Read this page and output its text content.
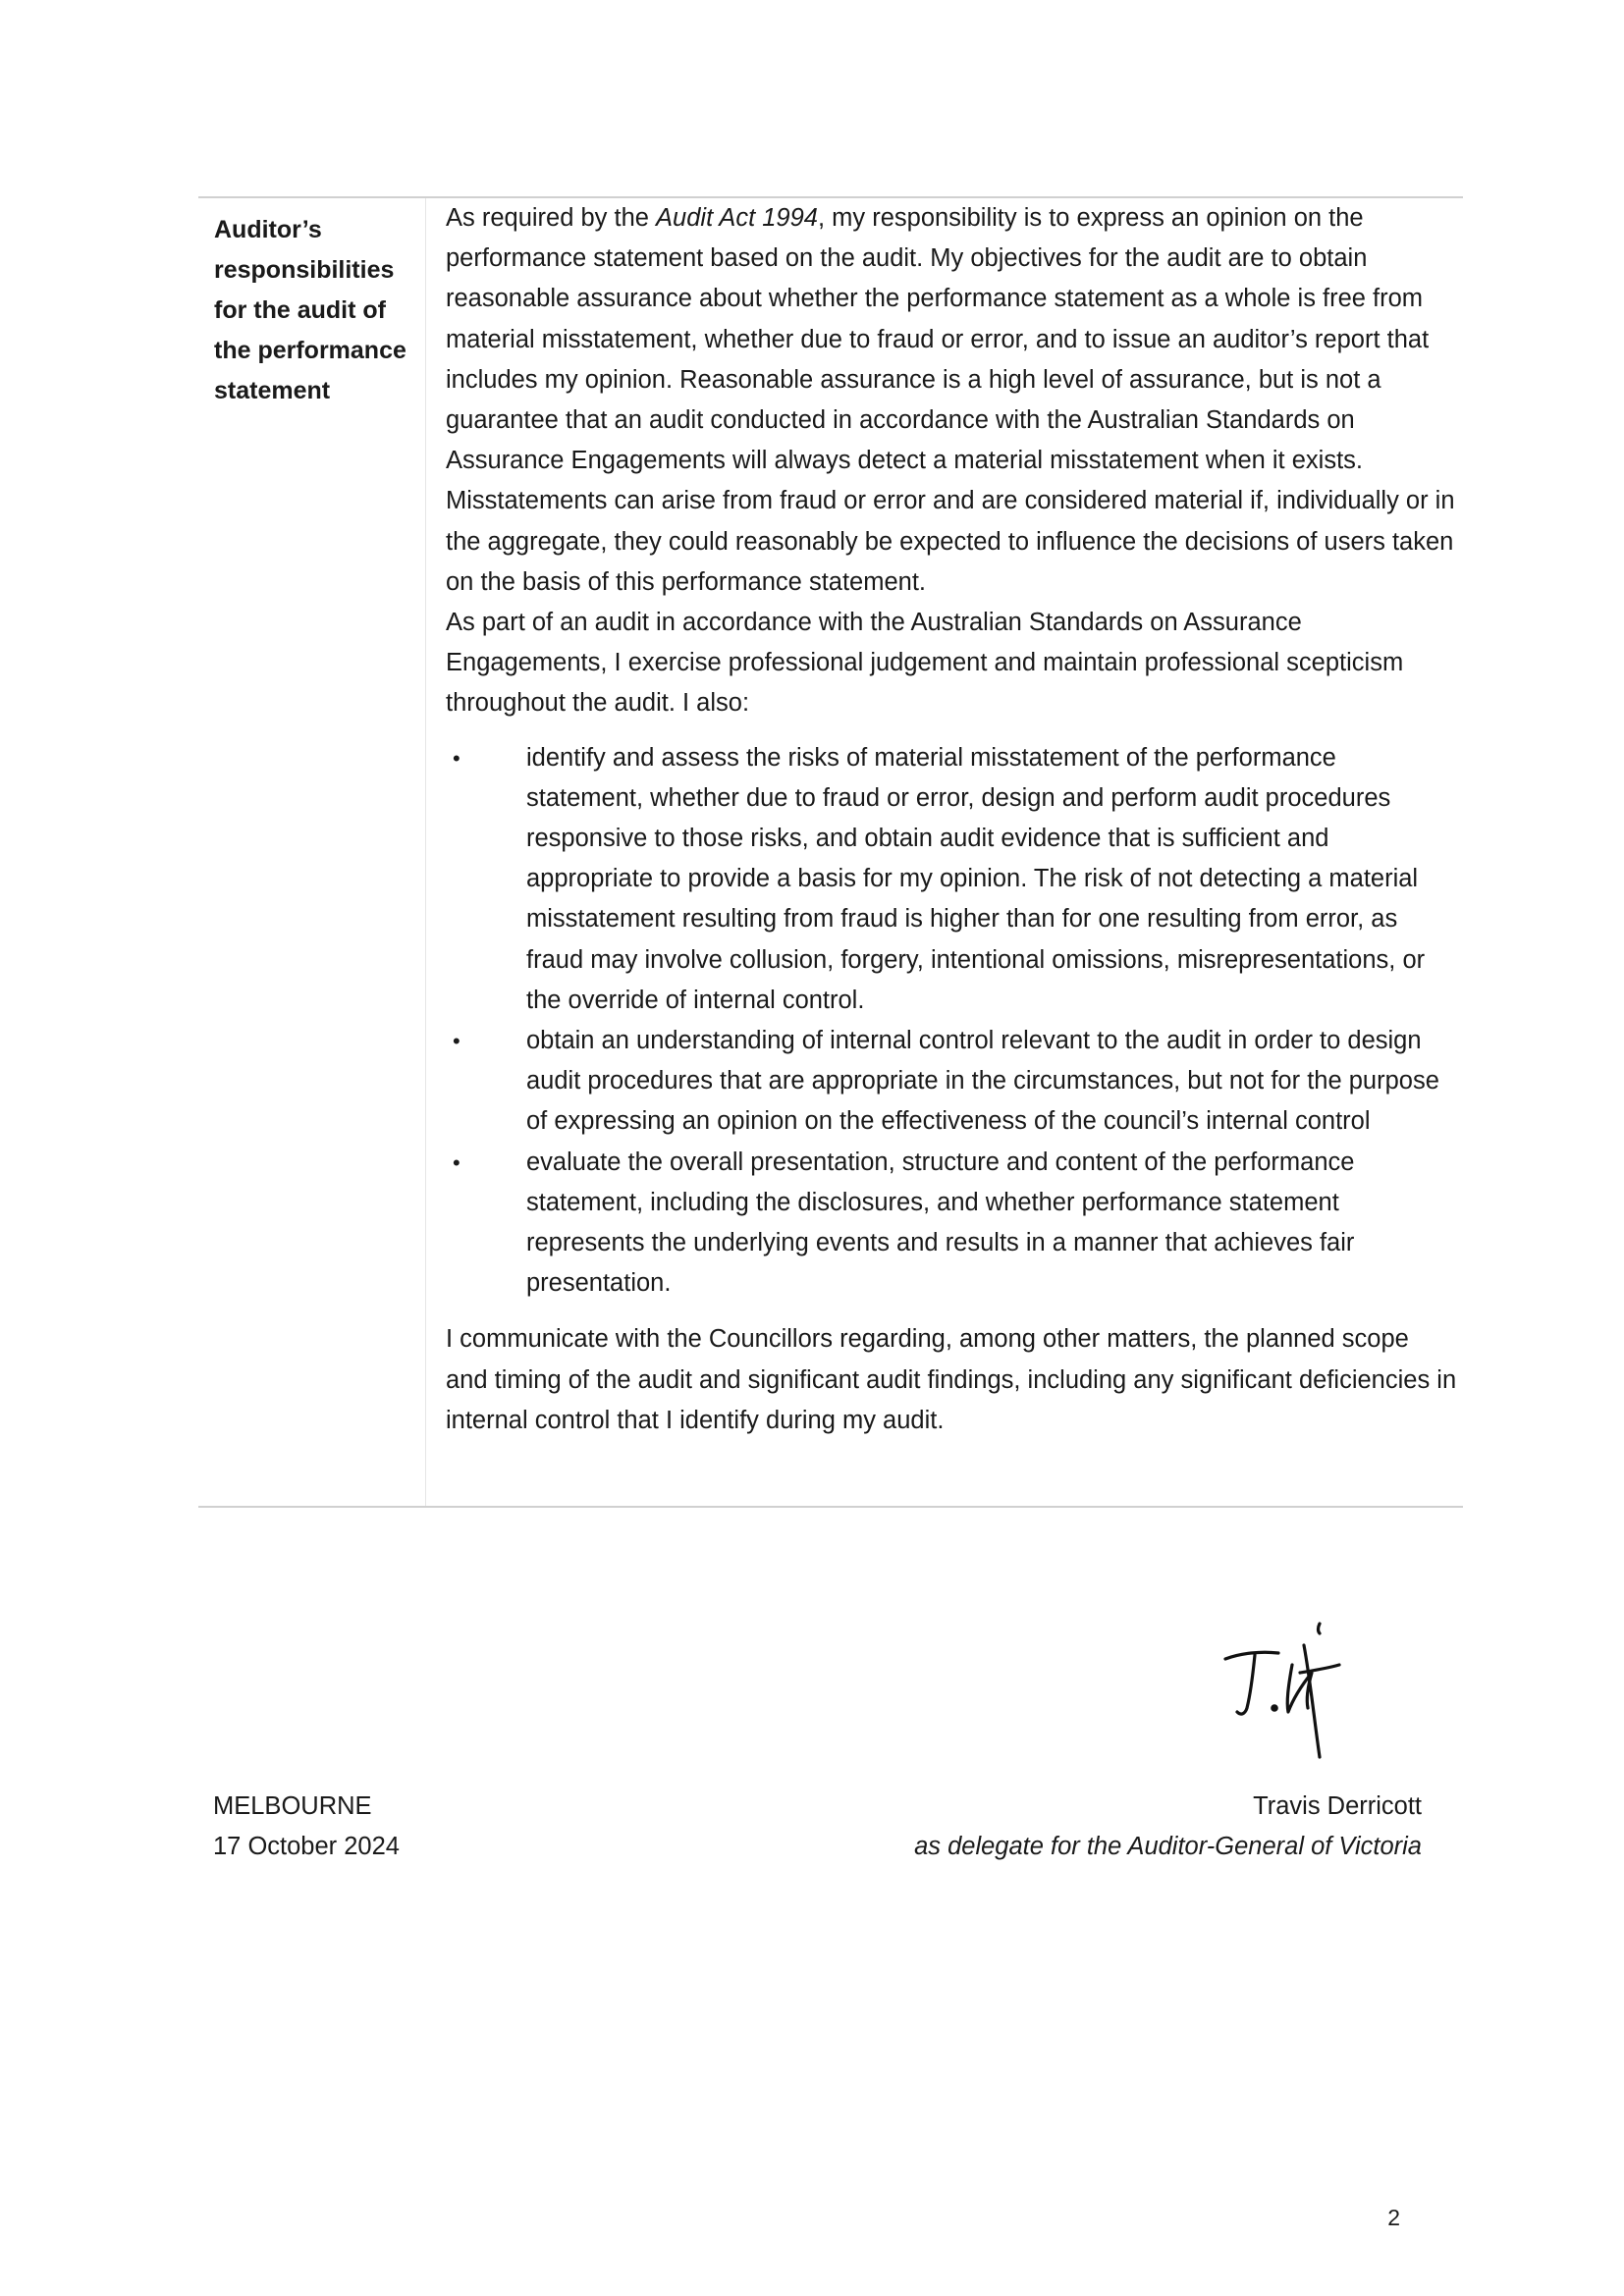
Auditor’s responsibilities for the audit of the performance statement

As required by the Audit Act 1994, my responsibility is to express an opinion on the performance statement based on the audit. My objectives for the audit are to obtain reasonable assurance about whether the performance statement as a whole is free from material misstatement, whether due to fraud or error, and to issue an auditor’s report that includes my opinion. Reasonable assurance is a high level of assurance, but is not a guarantee that an audit conducted in accordance with the Australian Standards on Assurance Engagements will always detect a material misstatement when it exists. Misstatements can arise from fraud or error and are considered material if, individually or in the aggregate, they could reasonably be expected to influence the decisions of users taken on the basis of this performance statement.

As part of an audit in accordance with the Australian Standards on Assurance Engagements, I exercise professional judgement and maintain professional scepticism throughout the audit. I also:

•	identify and assess the risks of material misstatement of the performance statement, whether due to fraud or error, design and perform audit procedures responsive to those risks, and obtain audit evidence that is sufficient and appropriate to provide a basis for my opinion. The risk of not detecting a material misstatement resulting from fraud is higher than for one resulting from error, as fraud may involve collusion, forgery, intentional omissions, misrepresentations, or the override of internal control.
•	obtain an understanding of internal control relevant to the audit in order to design audit procedures that are appropriate in the circumstances, but not for the purpose of expressing an opinion on the effectiveness of the council’s internal control
•	evaluate the overall presentation, structure and content of the performance statement, including the disclosures, and whether performance statement represents the underlying events and results in a manner that achieves fair presentation.

I communicate with the Councillors regarding, among other matters, the planned scope and timing of the audit and significant audit findings, including any significant deficiencies in internal control that I identify during my audit.

MELBOURNE
17 October 2024
Travis Derricott
as delegate for the Auditor-General of Victoria
2
